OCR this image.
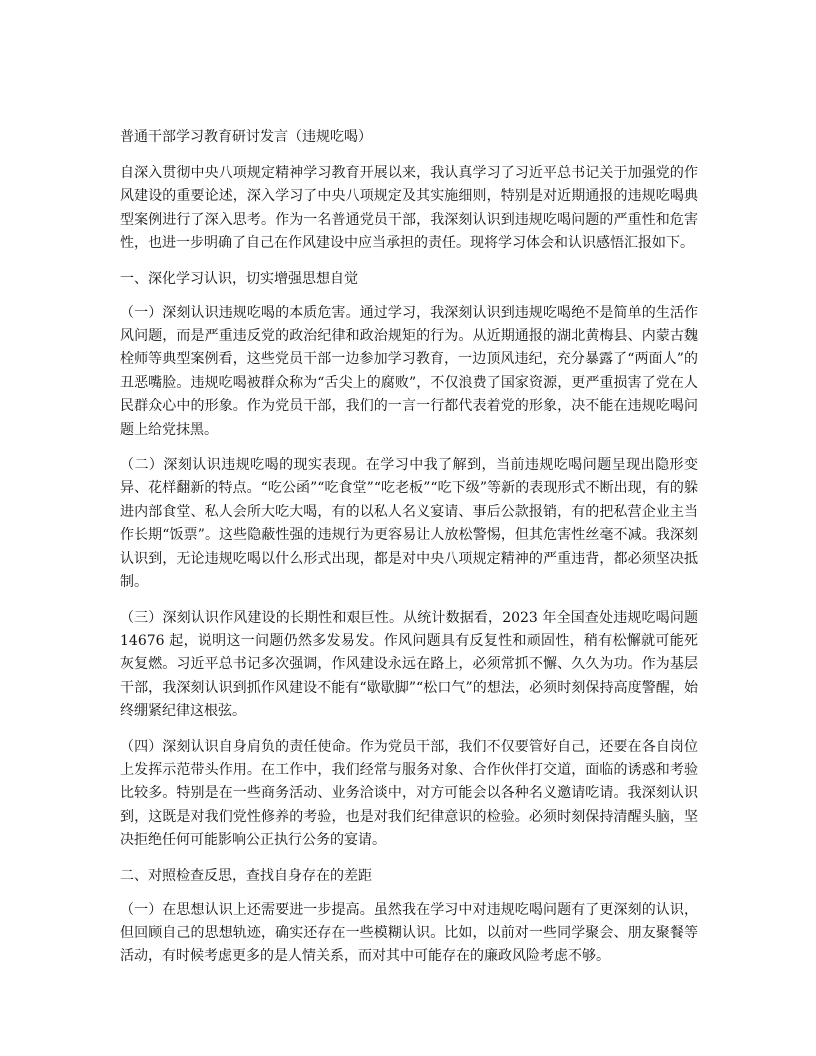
普通干部学习教育研讨发言（违规吃喝）

自深入贯彻中央八项规定精神学习教育开展以来，我认真学习了习近平总书记关于加强党的作风建设的重要论述，深入学习了中央八项规定及其实施细则，特别是对近期通报的违规吃喝典型案例进行了深入思考。作为一名普通党员干部，我深刻认识到违规吃喝问题的严重性和危害性，也进一步明确了自己在作风建设中应当承担的责任。现将学习体会和认识感悟汇报如下。

一、深化学习认识，切实增强思想自觉

（一）深刻认识违规吃喝的本质危害。通过学习，我深刻认识到违规吃喝绝不是简单的生活作风问题，而是严重违反党的政治纪律和政治规矩的行为。从近期通报的湖北黄梅县、内蒙古魏栓师等典型案例看，这些党员干部一边参加学习教育，一边顶风违纪，充分暴露了“两面人”的丑恶嘴脸。违规吃喝被群众称为“舌尖上的腐败”，不仅浪费了国家资源，更严重损害了党在人民群众心中的形象。作为党员干部，我们的一言一行都代表着党的形象，决不能在违规吃喝问题上给党抹黑。

（二）深刻认识违规吃喝的现实表现。在学习中我了解到，当前违规吃喝问题呈现出隐形变异、花样翻新的特点。“吃公函”“吃食堂”“吃老板”“吃下级”等新的表现形式不断出现，有的躲进内部食堂、私人会所大吃大喝，有的以私人名义宴请、事后公款报销，有的把私营企业主当作长期“饭票”。这些隐蔽性强的违规行为更容易让人放松警惕，但其危害性丝毫不减。我深刻认识到，无论违规吃喝以什么形式出现，都是对中央八项规定精神的严重违背，都必须坚决抵制。

（三）深刻认识作风建设的长期性和艰巨性。从统计数据看，2023 年全国查处违规吃喝问题 14676 起，说明这一问题仍然多发易发。作风问题具有反复性和顽固性，稍有松懈就可能死灰复燃。习近平总书记多次强调，作风建设永远在路上，必须常抓不懈、久久为功。作为基层干部，我深刻认识到抓作风建设不能有“歇歇脚”“松口气”的想法，必须时刻保持高度警醒，始终绷紧纪律这根弦。

（四）深刻认识自身肩负的责任使命。作为党员干部，我们不仅要管好自己，还要在各自岗位上发挥示范带头作用。在工作中，我们经常与服务对象、合作伙伴打交道，面临的诱惑和考验比较多。特别是在一些商务活动、业务洽谈中，对方可能会以各种名义邀请吃请。我深刻认识到，这既是对我们党性修养的考验，也是对我们纪律意识的检验。必须时刻保持清醒头脑，坚决拒绝任何可能影响公正执行公务的宴请。

二、对照检查反思，查找自身存在的差距

（一）在思想认识上还需要进一步提高。虽然我在学习中对违规吃喝问题有了更深刻的认识，但回顾自己的思想轨迹，确实还存在一些模糊认识。比如，以前对一些同学聚会、朋友聚餐等活动，有时候考虑更多的是人情关系，而对其中可能存在的廉政风险考虑不够。
